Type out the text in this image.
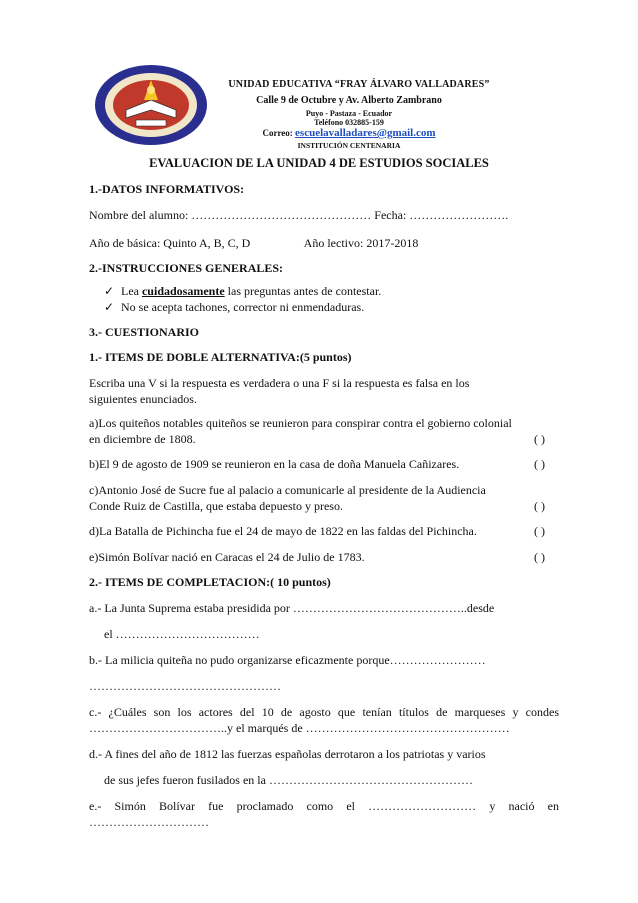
UNIDAD EDUCATIVA “FRAY ÁLVARO VALLADARES”
Calle 9 de Octubre y Av. Alberto Zambrano
Puyo - Pastaza - Ecuador
Teléfono 032885-159
Correo: escuelavalladares@gmail.com
INSTITUCIÓN CENTENARIA
EVALUACION DE LA UNIDAD 4 DE ESTUDIOS SOCIALES
1.-DATOS INFORMATIVOS:
Nombre del alumno: ……………………………………… Fecha: …………………….
Año de básica: Quinto A, B, C, D	Año lectivo: 2017-2018
2.-INSTRUCCIONES GENERALES:
✓ Lea cuidadosamente las preguntas antes de contestar.
✓ No se acepta tachones, corrector ni enmendaduras.
3.- CUESTIONARIO
1.- ITEMS DE DOBLE ALTERNATIVA:(5 puntos)
Escriba una V si la respuesta es verdadera o una F si la respuesta es falsa en los
siguientes enunciados.
a)Los quiteños notables quiteños se reunieron para conspirar contra el gobierno colonial
en diciembre de 1808.	( )
b)El 9 de agosto de 1909 se reunieron en la casa de doña Manuela Cañizares.	( )
c)Antonio José de Sucre fue al palacio a comunicarle al presidente de la Audiencia
Conde Ruiz de Castilla, que estaba depuesto y preso.	( )
d)La Batalla de Pichincha fue el 24 de mayo de 1822 en las faldas del Pichincha.	( )
e)Simón Bolívar nació en Caracas el 24 de Julio de 1783.	( )
2.- ITEMS DE COMPLETACION:( 10 puntos)
a.- La Junta Suprema estaba presidida por ……………………………………..desde
el ………………………………
b.- La milicia quiteña no pudo organizarse eficazmente porque……………………
…………………………………………
c.- ¿Cuáles son los actores del 10 de agosto que tenían títulos de marqueses y condes
……………………………..y el marqués de ……………………………………………
d.- A fines del año de 1812 las fuerzas españolas derrotaron a los patriotas y varios
de sus jefes fueron fusilados en la ……………………………………………
e.- Simón Bolívar fue proclamado como el ……………………… y nació en
…………………………
